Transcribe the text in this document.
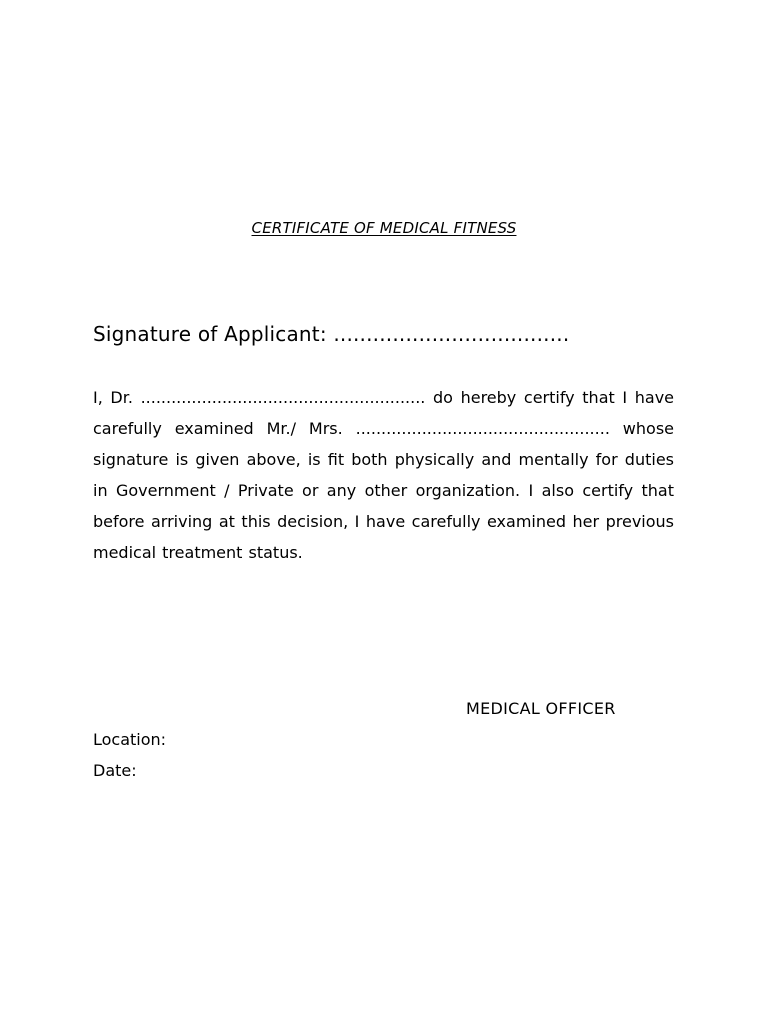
CERTIFICATE OF MEDICAL FITNESS
Signature of Applicant: ....................................
I, Dr. ........................................................ do hereby certify that I have carefully examined Mr./ Mrs. .................................................. whose signature is given above, is fit both physically and mentally for duties in Government / Private or any other organization. I also certify that before arriving at this decision, I have carefully examined her previous medical treatment status.
MEDICAL OFFICER
Location:
Date:
